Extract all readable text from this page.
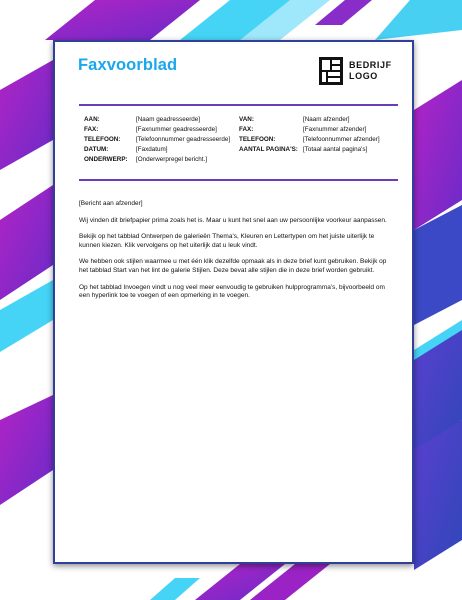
Faxvoorblad	BEDRIJF
LOGO
AAN:	[Naam geadresseerde]	VAN:	[Naam afzender]
FAX:	[Faxnummer geadresseerde]	FAX:	[Faxnummer afzender]
TELEFOON: [Telefoonnummer geadresseerde] TELEFOON:	[Telefoonnummer afzender]
DATUM:	[Faxdatum]	AANTAL PAGINA'S: [Totaal aantal pagina's]
ONDERWERP: [Onderwerpregel bericht.]

[Bericht aan afzender]

Wij vinden dit briefpapier prima zoals het is. Maar u kunt het snel aan uw persoonlijke voorkeur aanpassen.

Bekijk op het tabblad Ontwerpen de galerieën Thema's, Kleuren en Lettertypen om het juiste uiterlijk te kunnen kiezen. Klik vervolgens op het uiterlijk dat u leuk vindt.

We hebben ook stijlen waarmee u met één klik dezelfde opmaak als in deze brief kunt gebruiken. Bekijk op het tabblad Start van het lint de galerie Stijlen. Deze bevat alle stijlen die in deze brief worden gebruikt.

Op het tabblad Invoegen vindt u nog veel meer eenvoudig te gebruiken hulpprogramma's, bijvoorbeeld om een hyperlink toe te voegen of een opmerking in te voegen.
